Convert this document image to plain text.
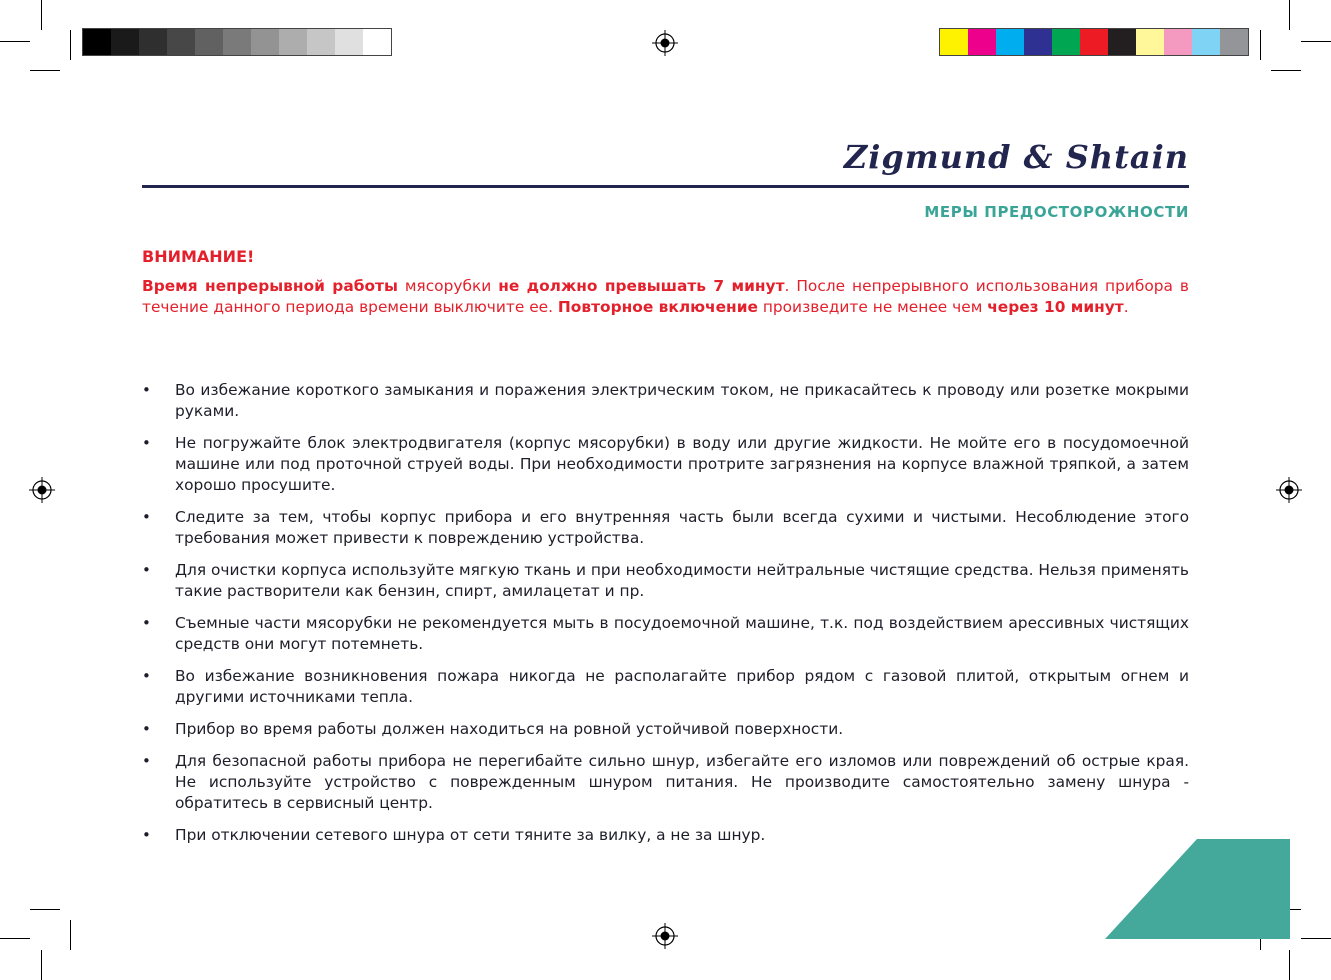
Zigmund & Shtain
МЕРЫ ПРЕДОСТОРОЖНОСТИ
ВНИМАНИЕ!
Время непрерывной работы мясорубки не должно превышать 7 минут. После непрерывного использования прибора в течение данного периода времени выключите ее. Повторное включение произведите не менее чем через 10 минут.
• Во избежание короткого замыкания и поражения электрическим током, не прикасайтесь к проводу или розетке мокрыми руками.
• Не погружайте блок электродвигателя (корпус мясорубки) в воду или другие жидкости. Не мойте его в посудомоечной машине или под проточной струей воды. При необходимости протрите загрязнения на корпусе влажной тряпкой, а затем хорошо просушите.
• Следите за тем, чтобы корпус прибора и его внутренняя часть были всегда сухими и чистыми. Несоблюдение этого требования может привести к повреждению устройства.
• Для очистки корпуса используйте мягкую ткань и при необходимости нейтральные чистящие средства. Нельзя применять такие растворители как бензин, спирт, амилацетат и пр.
• Съемные части мясорубки не рекомендуется мыть в посудоемочной машине, т.к. под воздействием арессивных чистящих средств они могут потемнеть.
• Во избежание возникновения пожара никогда не располагайте прибор рядом с газовой плитой, открытым огнем и другими источниками тепла.
• Прибор во время работы должен находиться на ровной устойчивой поверхности.
• Для безопасной работы прибора не перегибайте сильно шнур, избегайте его изломов или повреждений об острые края. Не используйте устройство с поврежденным шнуром питания. Не производите самостоятельно замену шнура - обратитесь в сервисный центр.
• При отключении сетевого шнура от сети тяните за вилку, а не за шнур.
